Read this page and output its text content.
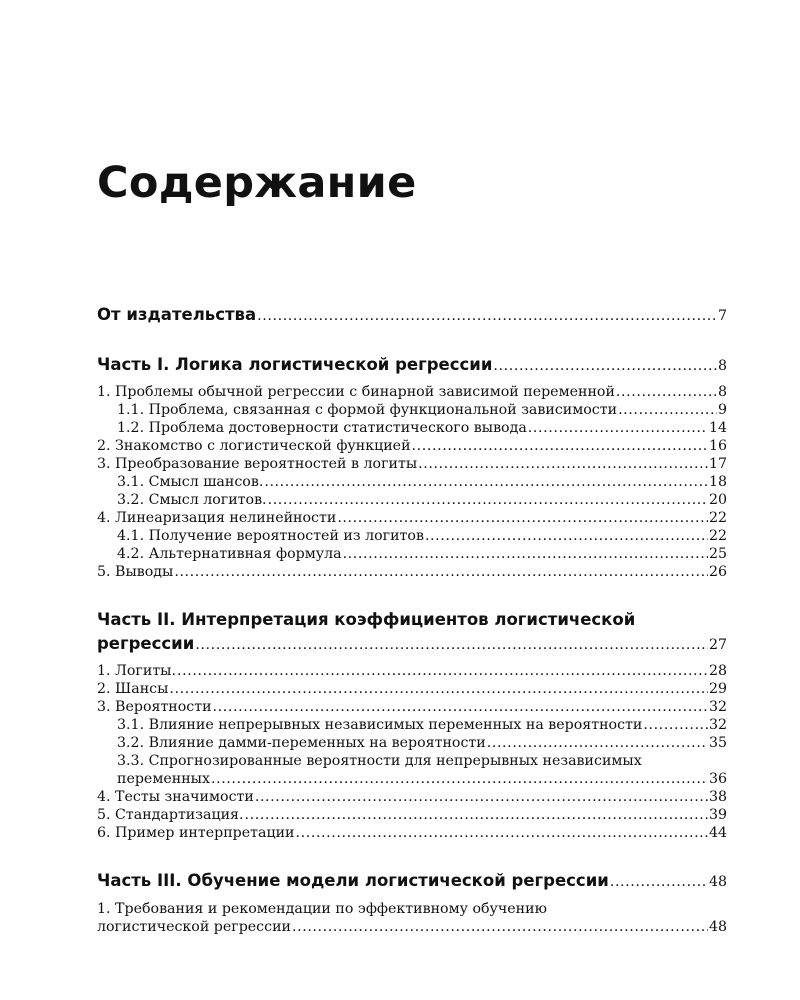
Содержание
От издательства .....	7
Часть I. Логика логистической регрессии .....	8
1. Проблемы обычной регрессии с бинарной зависимой переменной .....	8
1.1. Проблема, связанная с формой функциональной зависимости .....	9
1.2. Проблема достоверности статистического вывода .....	14
2. Знакомство с логистической функцией .....	16
3. Преобразование вероятностей в логиты .....	17
3.1. Смысл шансов. .....	18
3.2. Смысл логитов. .....	20
4. Линеаризация нелинейности .....	22
4.1. Получение вероятностей из логитов .....	22
4.2. Альтернативная формула .....	25
5. Выводы .....	26
Часть II. Интерпретация коэффициентов логистической
регрессии .....	27
1. Логиты. .....	28
2. Шансы .....	29
3. Вероятности .....	32
3.1. Влияние непрерывных независимых переменных на вероятности .....	32
3.2. Влияние дамми-переменных на вероятности .....	35
3.3. Спрогнозированные вероятности для непрерывных независимых
переменных .....	36
4. Тесты значимости .....	38
5. Стандартизация. .....	39
6. Пример интерпретации .....	44
Часть III. Обучение модели логистической регрессии .....	48
1. Требования и рекомендации по эффективному обучению
логистической регрессии .....	48
